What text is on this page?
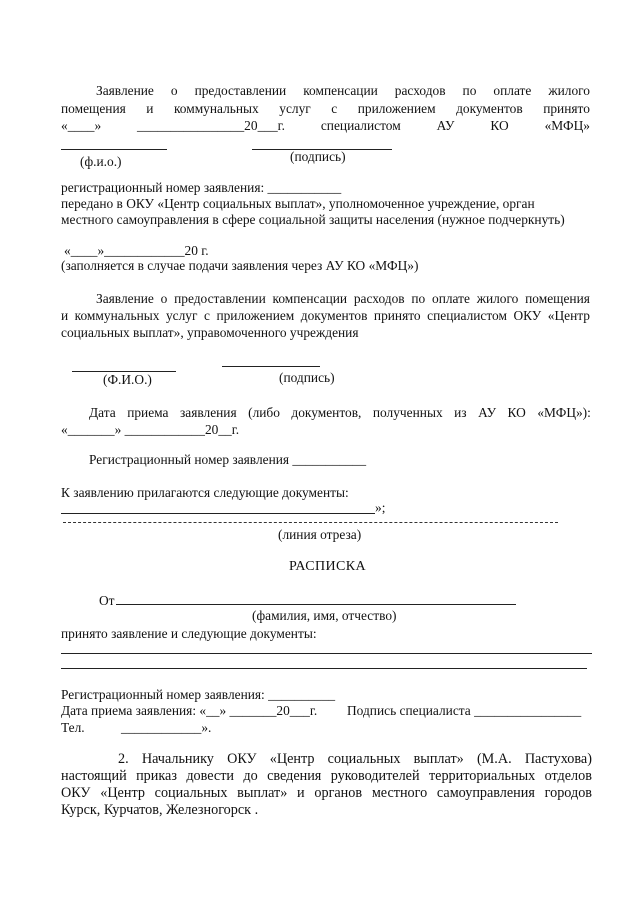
Заявление о предоставлении компенсации расходов по оплате жилого
помещения и коммунальных услуг с приложением документов принято
«____»	________________20___г.	специалистом	АУ	КО	«МФЦ»
(ф.и.о.)	(подпись)
регистрационный номер заявления: ___________
передано в ОКУ «Центр социальных выплат», уполномоченное учреждение, орган
местного самоуправления в сфере социальной защиты населения (нужное подчеркнуть)
«____»____________20 г.
(заполняется в случае подачи заявления через АУ КО «МФЦ»)
Заявление о предоставлении компенсации расходов по оплате жилого помещения
и коммунальных услуг с приложением документов принято специалистом ОКУ «Центр
социальных выплат», управомоченного учреждения
(Ф.И.О.)	(подпись)
Дата приема заявления (либо документов, полученных из АУ КО «МФЦ»):
«_______» ____________20__г.
Регистрационный номер заявления ___________
К заявлению прилагаются следующие документы:
»;
(линия отреза)
РАСПИСКА
От
(фамилия, имя, отчество)
принято заявление и следующие документы:
Регистрационный номер заявления: __________
Дата приема заявления: «__» _______20___г. Подпись специалиста ________________
Тел.	____________».
2. Начальнику ОКУ «Центр социальных выплат» (М.А. Пастухова)
настоящий приказ довести до сведения руководителей территориальных отделов
ОКУ «Центр социальных выплат» и органов местного самоуправления городов
Курск, Курчатов, Железногорск .
